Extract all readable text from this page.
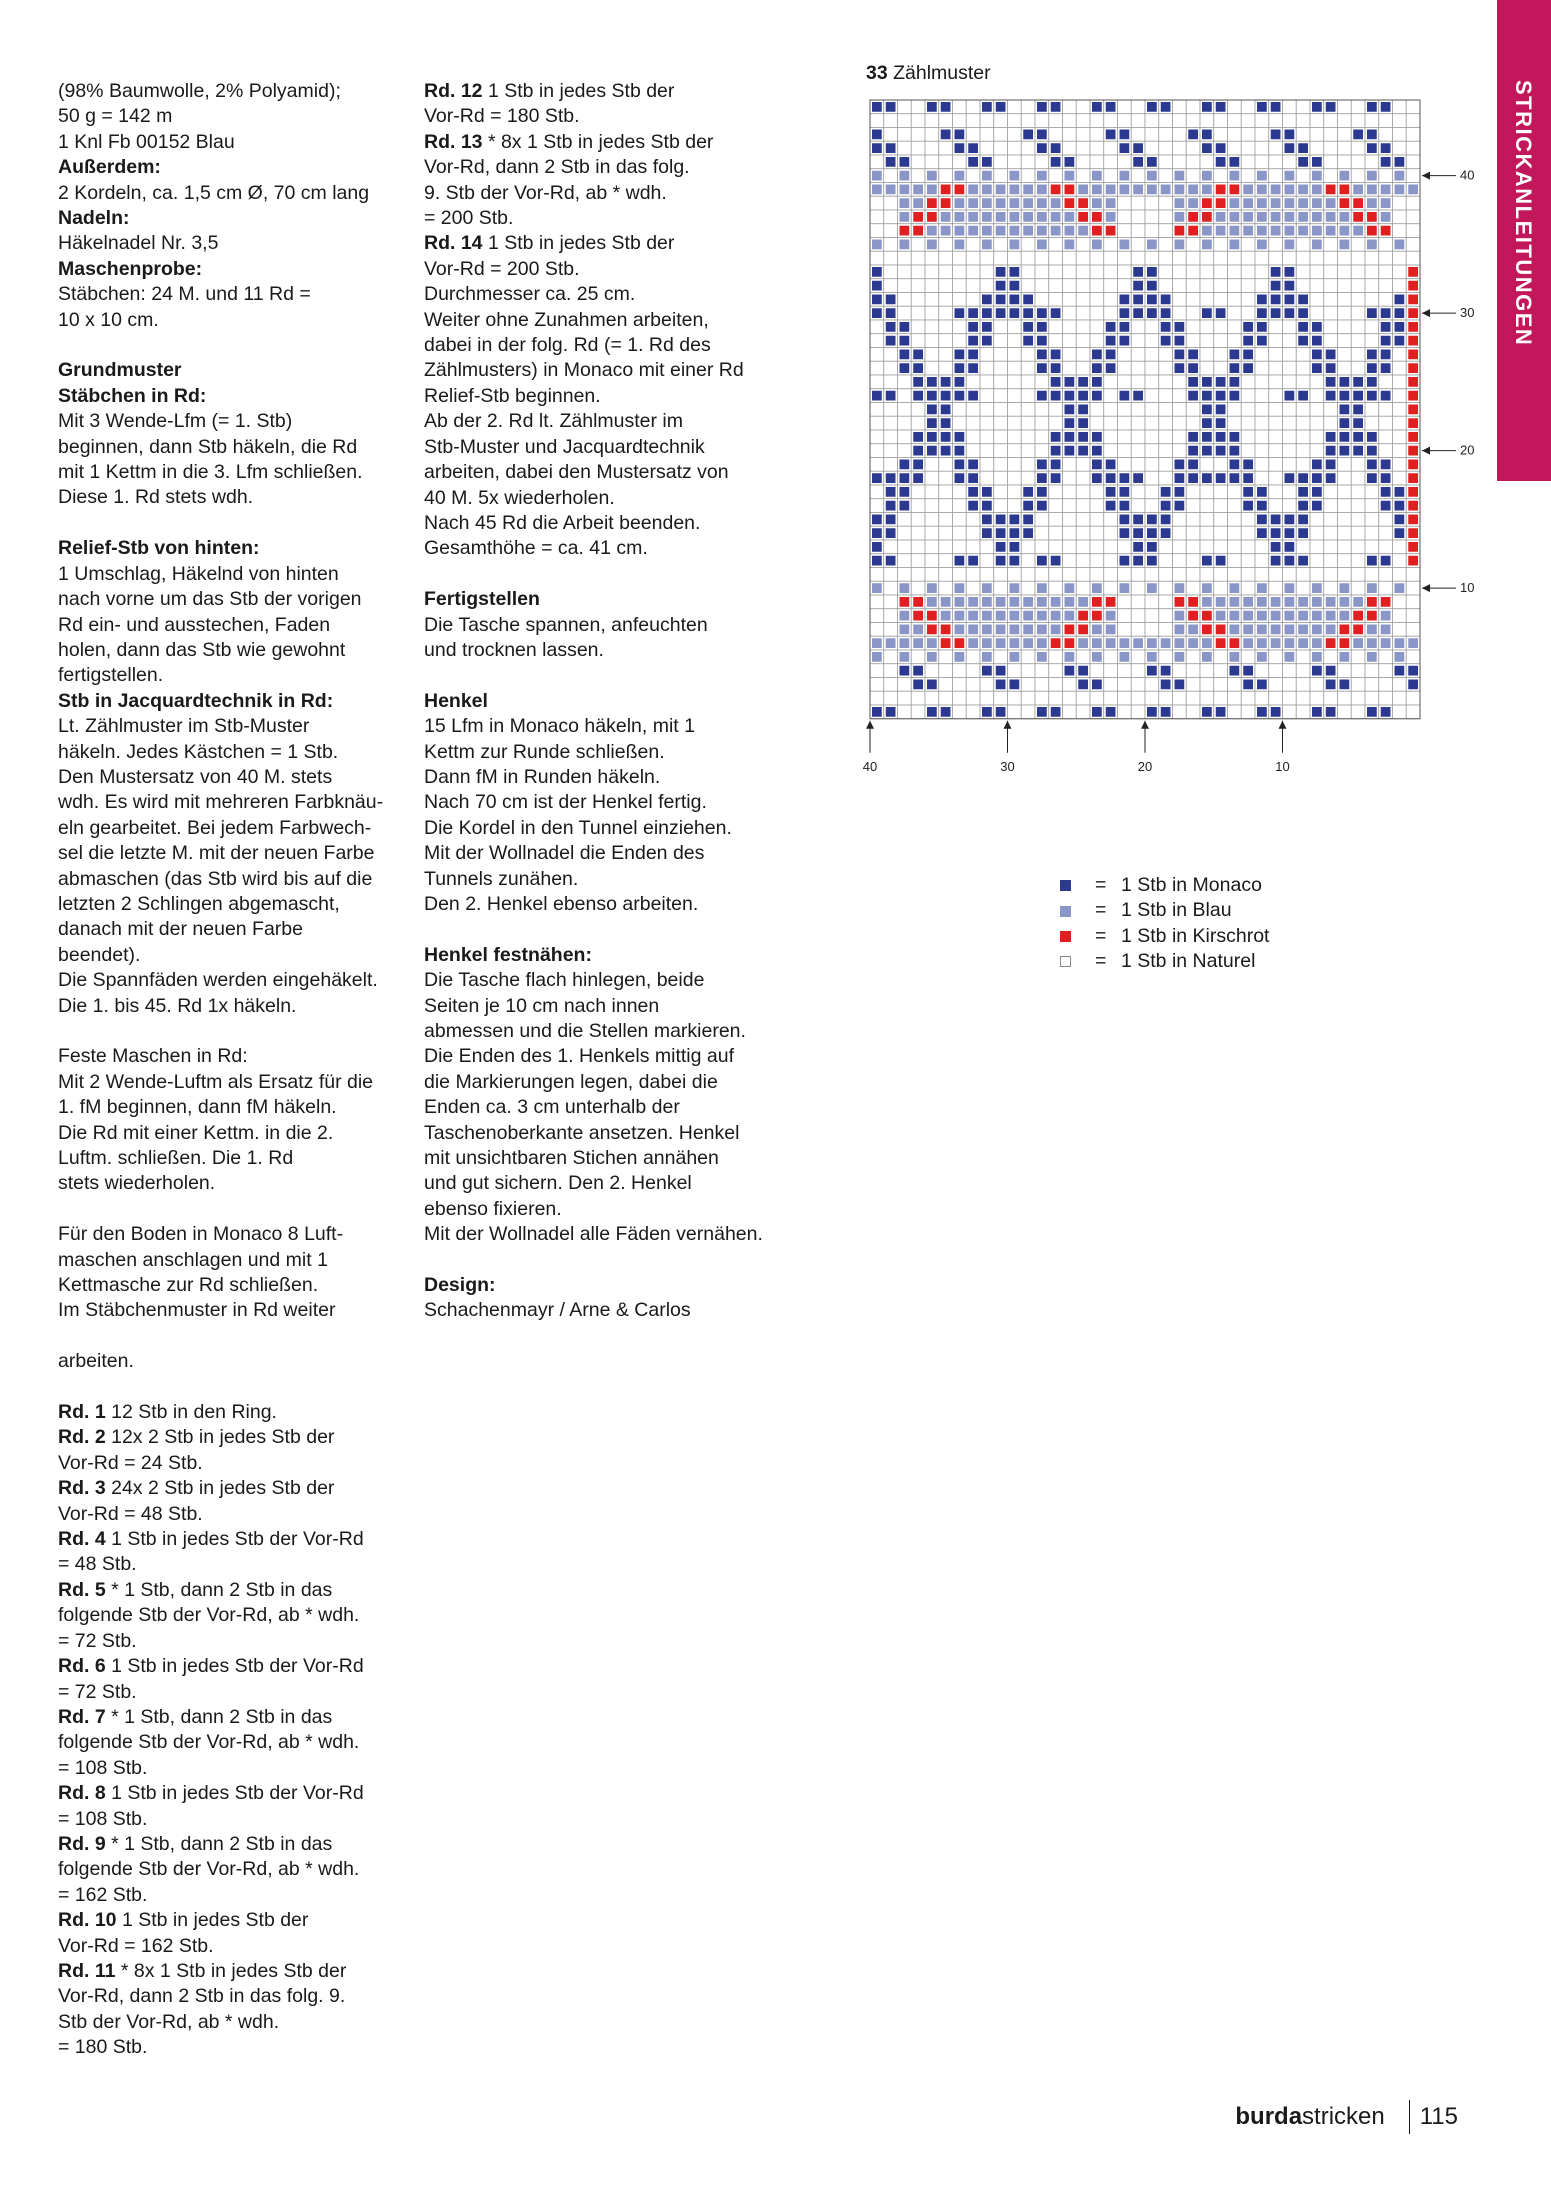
(98% Baumwolle, 2% Polyamid);

50 g = 142 m

1 Knl Fb 00152 Blau

Außerdem:

2 Kordeln, ca. 1,5 cm Ø, 70 cm lang

Nadeln:

Häkelnadel Nr. 3,5

Maschenprobe:

Stäbchen: 24 M. und 11 Rd =

10 x 10 cm.

Grundmuster

Stäbchen in Rd:

Mit 3 Wende-Lfm (= 1. Stb)

beginnen, dann Stb häkeln, die Rd

mit 1 Kettm in die 3. Lfm schließen.

Diese 1. Rd stets wdh.

Relief-Stb von hinten:

1 Umschlag, Häkelnd von hinten

nach vorne um das Stb der vorigen

Rd ein- und ausstechen, Faden

holen, dann das Stb wie gewohnt

fertigstellen.

Stb in Jacquardtechnik in Rd:

Lt. Zählmuster im Stb-Muster

häkeln. Jedes Kästchen = 1 Stb.

Den Mustersatz von 40 M. stets

wdh. Es wird mit mehreren Farbknäu-

eln gearbeitet. Bei jedem Farbwech-

sel die letzte M. mit der neuen Farbe

abmaschen (das Stb wird bis auf die

letzten 2 Schlingen abgemascht,

danach mit der neuen Farbe

beendet).

Die Spannfäden werden eingehäkelt.

Die 1. bis 45. Rd 1x häkeln.

Feste Maschen in Rd:

Mit 2 Wende-Luftm als Ersatz für die

1. fM beginnen, dann fM häkeln.

Die Rd mit einer Kettm. in die 2.

Luftm. schließen. Die 1. Rd

stets wiederholen.

Für den Boden in Monaco 8 Luft-

maschen anschlagen und mit 1

Kettmasche zur Rd schließen.

Im Stäbchenmuster in Rd weiter

arbeiten.

Rd. 1 12 Stb in den Ring.

Rd. 2 12x 2 Stb in jedes Stb der

Vor-Rd = 24 Stb.

Rd. 3 24x 2 Stb in jedes Stb der

Vor-Rd = 48 Stb.

Rd. 4 1 Stb in jedes Stb der Vor-Rd

= 48 Stb.

Rd. 5 * 1 Stb, dann 2 Stb in das

folgende Stb der Vor-Rd, ab * wdh.

= 72 Stb.

Rd. 6 1 Stb in jedes Stb der Vor-Rd

= 72 Stb.

Rd. 7 * 1 Stb, dann 2 Stb in das

folgende Stb der Vor-Rd, ab * wdh.

= 108 Stb.

Rd. 8 1 Stb in jedes Stb der Vor-Rd

= 108 Stb.

Rd. 9 * 1 Stb, dann 2 Stb in das

folgende Stb der Vor-Rd, ab * wdh.

= 162 Stb.

Rd. 10 1 Stb in jedes Stb der

Vor-Rd = 162 Stb.

Rd. 11 * 8x 1 Stb in jedes Stb der

Vor-Rd, dann 2 Stb in das folg. 9.

Stb der Vor-Rd, ab * wdh.

= 180 Stb.

Rd. 12 1 Stb in jedes Stb der

Vor-Rd = 180 Stb.

Rd. 13 * 8x 1 Stb in jedes Stb der

Vor-Rd, dann 2 Stb in das folg.

9. Stb der Vor-Rd, ab * wdh.

= 200 Stb.

Rd. 14 1 Stb in jedes Stb der

Vor-Rd = 200 Stb.

Durchmesser ca. 25 cm.

Weiter ohne Zunahmen arbeiten,

dabei in der folg. Rd (= 1. Rd des

Zählmusters) in Monaco mit einer Rd

Relief-Stb beginnen.

Ab der 2. Rd lt. Zählmuster im

Stb-Muster und Jacquardtechnik

arbeiten, dabei den Mustersatz von

40 M. 5x wiederholen.

Nach 45 Rd die Arbeit beenden.

Gesamthöhe = ca. 41 cm.

Fertigstellen

Die Tasche spannen, anfeuchten

und trocknen lassen.

Henkel

15 Lfm in Monaco häkeln, mit 1

Kettm zur Runde schließen.

Dann fM in Runden häkeln.

Nach 70 cm ist der Henkel fertig.

Die Kordel in den Tunnel einziehen.

Mit der Wollnadel die Enden des

Tunnels zunähen.

Den 2. Henkel ebenso arbeiten.

Henkel festnähen:

Die Tasche flach hinlegen, beide

Seiten je 10 cm nach innen

abmessen und die Stellen markieren.

Die Enden des 1. Henkels mittig auf

die Markierungen legen, dabei die

Enden ca. 3 cm unterhalb der

Taschenoberkante ansetzen. Henkel

mit unsichtbaren Stichen annähen

und gut sichern. Den 2. Henkel

ebenso fixieren.

Mit der Wollnadel alle Fäden vernähen.

Design:

Schachenmayr / Arne & Carlos

33 Zählmuster
10
20
30
40
40	30	20	10
= 1 Stb in Monaco
= 1 Stb in Blau
= 1 Stb in Kirschrot
= 1 Stb in Naturel
STRICKANLEITUNGEN
burda stricken 115
